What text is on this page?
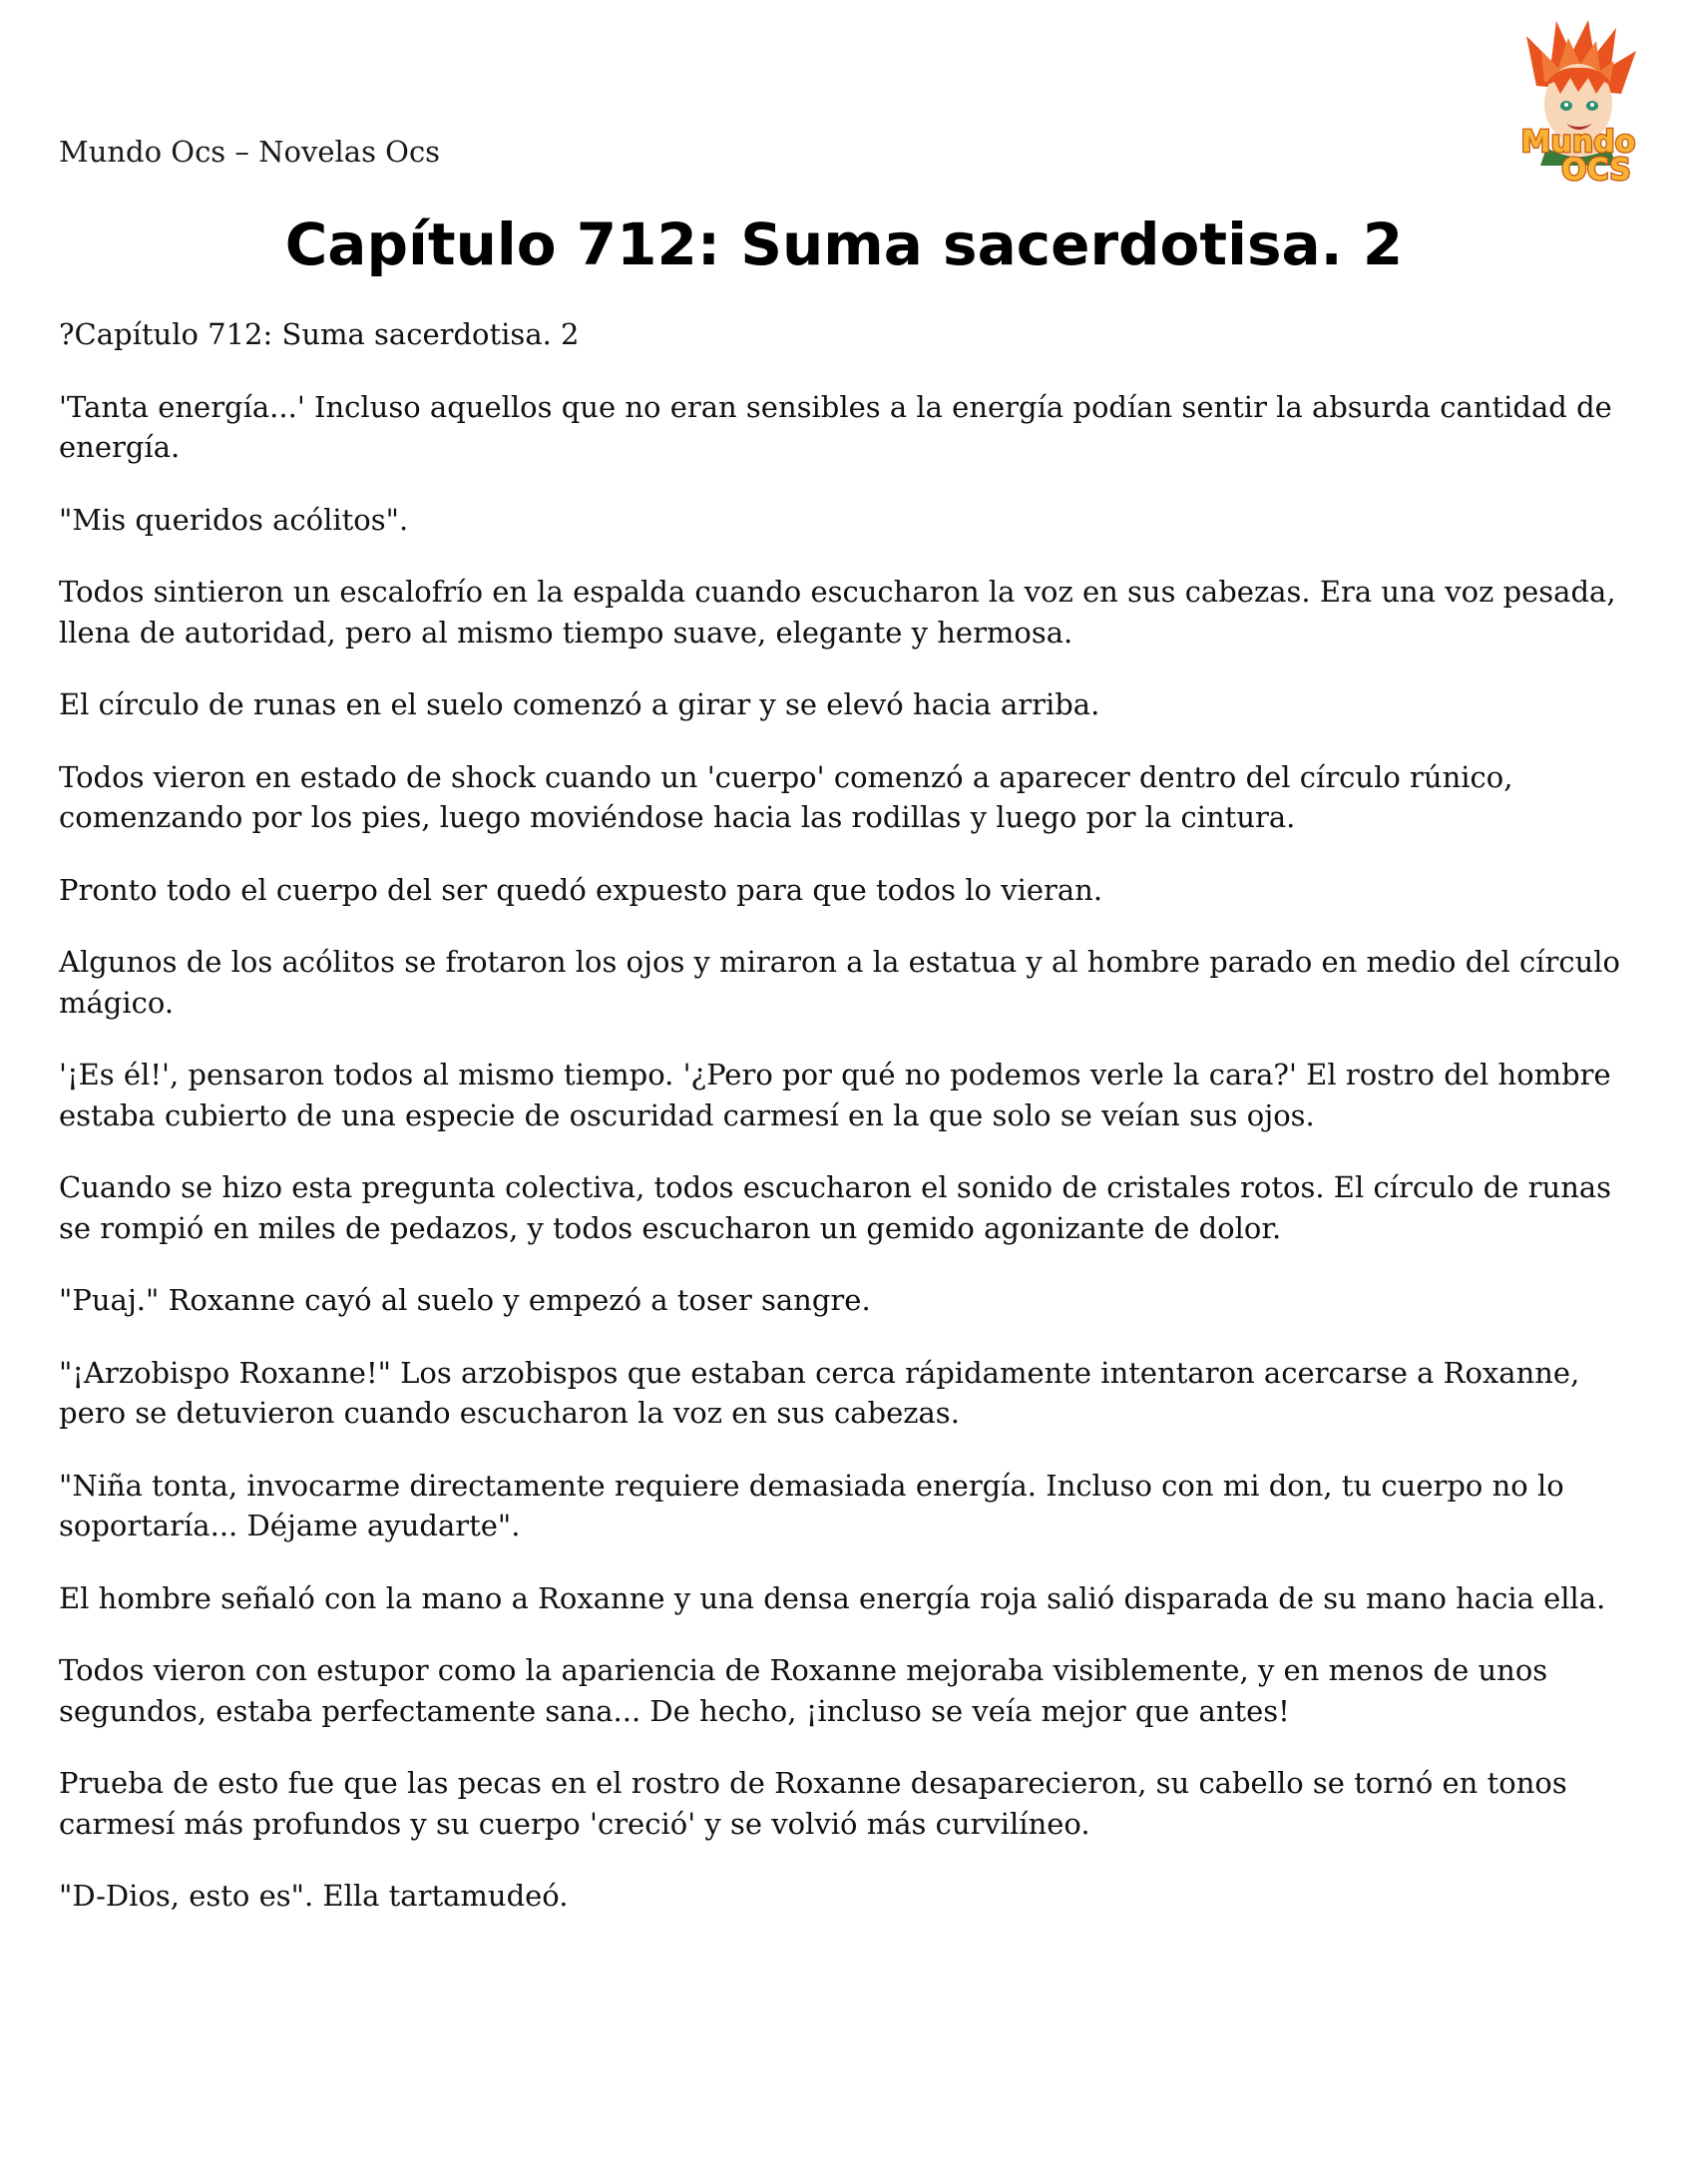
Mundo Ocs – Novelas Ocs	Mundo
OCS
Capítulo 712: Suma sacerdotisa. 2

?Capítulo 712: Suma sacerdotisa. 2

'Tanta energía...' Incluso aquellos que no eran sensibles a la energía podían sentir la absurda cantidad de energía.

"Mis queridos acólitos".

Todos sintieron un escalofrío en la espalda cuando escucharon la voz en sus cabezas. Era una voz pesada, llena de autoridad, pero al mismo tiempo suave, elegante y hermosa.

El círculo de runas en el suelo comenzó a girar y se elevó hacia arriba.

Todos vieron en estado de shock cuando un 'cuerpo' comenzó a aparecer dentro del círculo rúnico, comenzando por los pies, luego moviéndose hacia las rodillas y luego por la cintura.

Pronto todo el cuerpo del ser quedó expuesto para que todos lo vieran.

Algunos de los acólitos se frotaron los ojos y miraron a la estatua y al hombre parado en medio del círculo mágico.

'¡Es él!', pensaron todos al mismo tiempo. '¿Pero por qué no podemos verle la cara?' El rostro del hombre estaba cubierto de una especie de oscuridad carmesí en la que solo se veían sus ojos.

Cuando se hizo esta pregunta colectiva, todos escucharon el sonido de cristales rotos. El círculo de runas se rompió en miles de pedazos, y todos escucharon un gemido agonizante de dolor.

"Puaj." Roxanne cayó al suelo y empezó a toser sangre.

"¡Arzobispo Roxanne!" Los arzobispos que estaban cerca rápidamente intentaron acercarse a Roxanne, pero se detuvieron cuando escucharon la voz en sus cabezas.

"Niña tonta, invocarme directamente requiere demasiada energía. Incluso con mi don, tu cuerpo no lo soportaría... Déjame ayudarte".

El hombre señaló con la mano a Roxanne y una densa energía roja salió disparada de su mano hacia ella.

Todos vieron con estupor como la apariencia de Roxanne mejoraba visiblemente, y en menos de unos segundos, estaba perfectamente sana... De hecho, ¡incluso se veía mejor que antes!

Prueba de esto fue que las pecas en el rostro de Roxanne desaparecieron, su cabello se tornó en tonos carmesí más profundos y su cuerpo 'creció' y se volvió más curvilíneo.

"D-Dios, esto es". Ella tartamudeó.
